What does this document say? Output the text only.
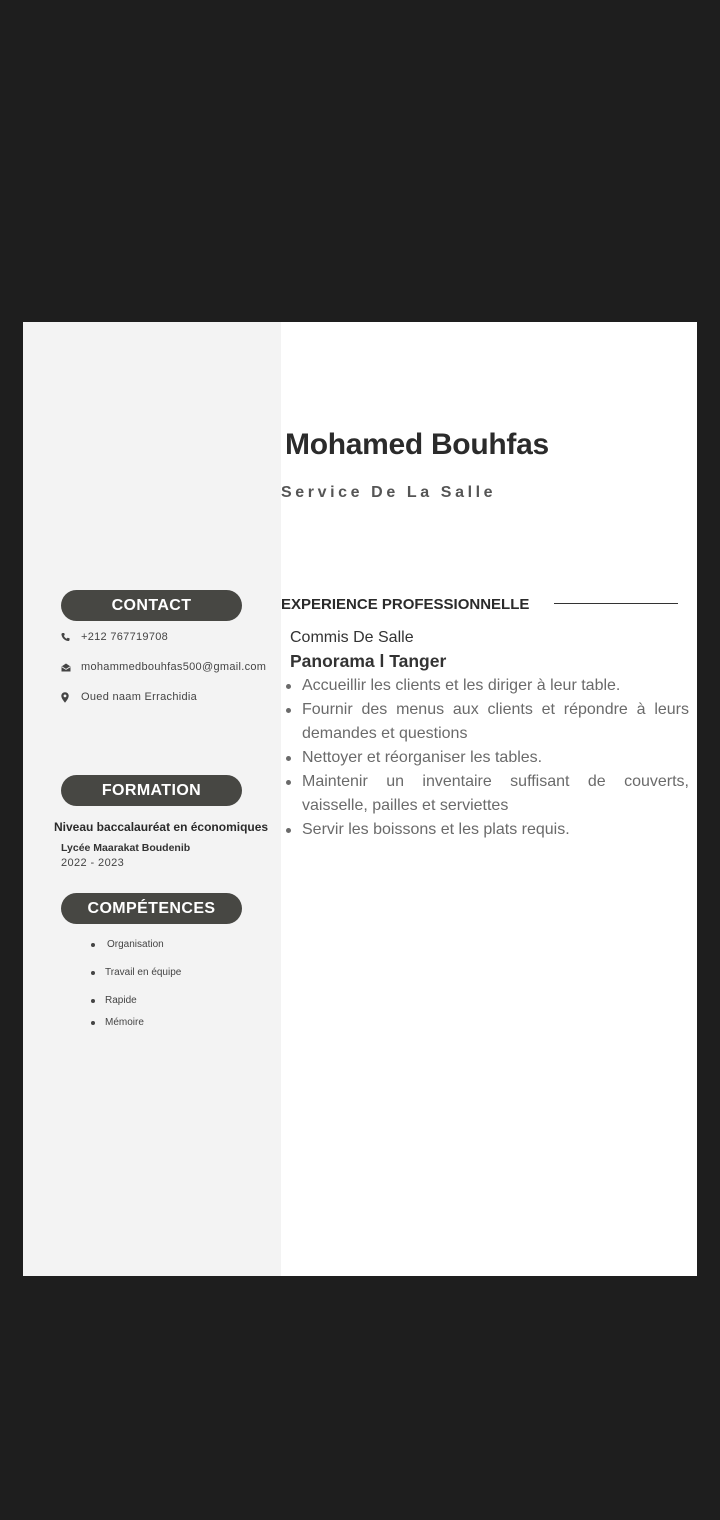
CONTACT
+212 767719708
mohammedbouhfas500@gmail.com
Oued naam Errachidia
FORMATION
Niveau baccalauréat en économiques
Lycée Maarakat Boudenib
2022 - 2023
COMPÉTENCES
Organisation
Travail en équipe
Rapide
Mémoire
Mohamed Bouhfas
Service De La Salle
EXPERIENCE PROFESSIONNELLE
Commis De Salle
Panorama l Tanger
Accueillir les clients et les diriger à leur table.
Fournir des menus aux clients et répondre à leurs demandes et questions
Nettoyer et réorganiser les tables.
Maintenir un inventaire suffisant de couverts, vaisselle, pailles et serviettes
Servir les boissons et les plats requis.
